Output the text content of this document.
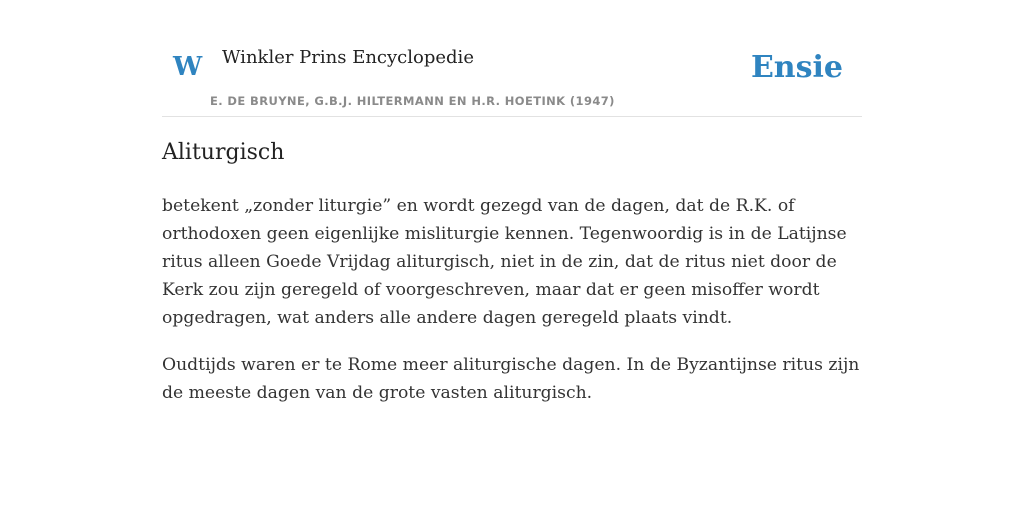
W Winkler Prins Encyclopedie
E. DE BRUYNE, G.B.J. HILTERMANN EN H.R. HOETINK (1947)
Ensie
Aliturgisch

betekent „zonder liturgie” en wordt gezegd van de dagen, dat de R.K. of orthodoxen geen eigenlijke misliturgie kennen. Tegenwoordig is in de Latijnse ritus alleen Goede Vrijdag aliturgisch, niet in de zin, dat de ritus niet door de Kerk zou zijn geregeld of voorgeschreven, maar dat er geen misoffer wordt opgedragen, wat anders alle andere dagen geregeld plaats vindt.

Oudtijds waren er te Rome meer aliturgische dagen. In de Byzantijnse ritus zijn de meeste dagen van de grote vasten aliturgisch.
